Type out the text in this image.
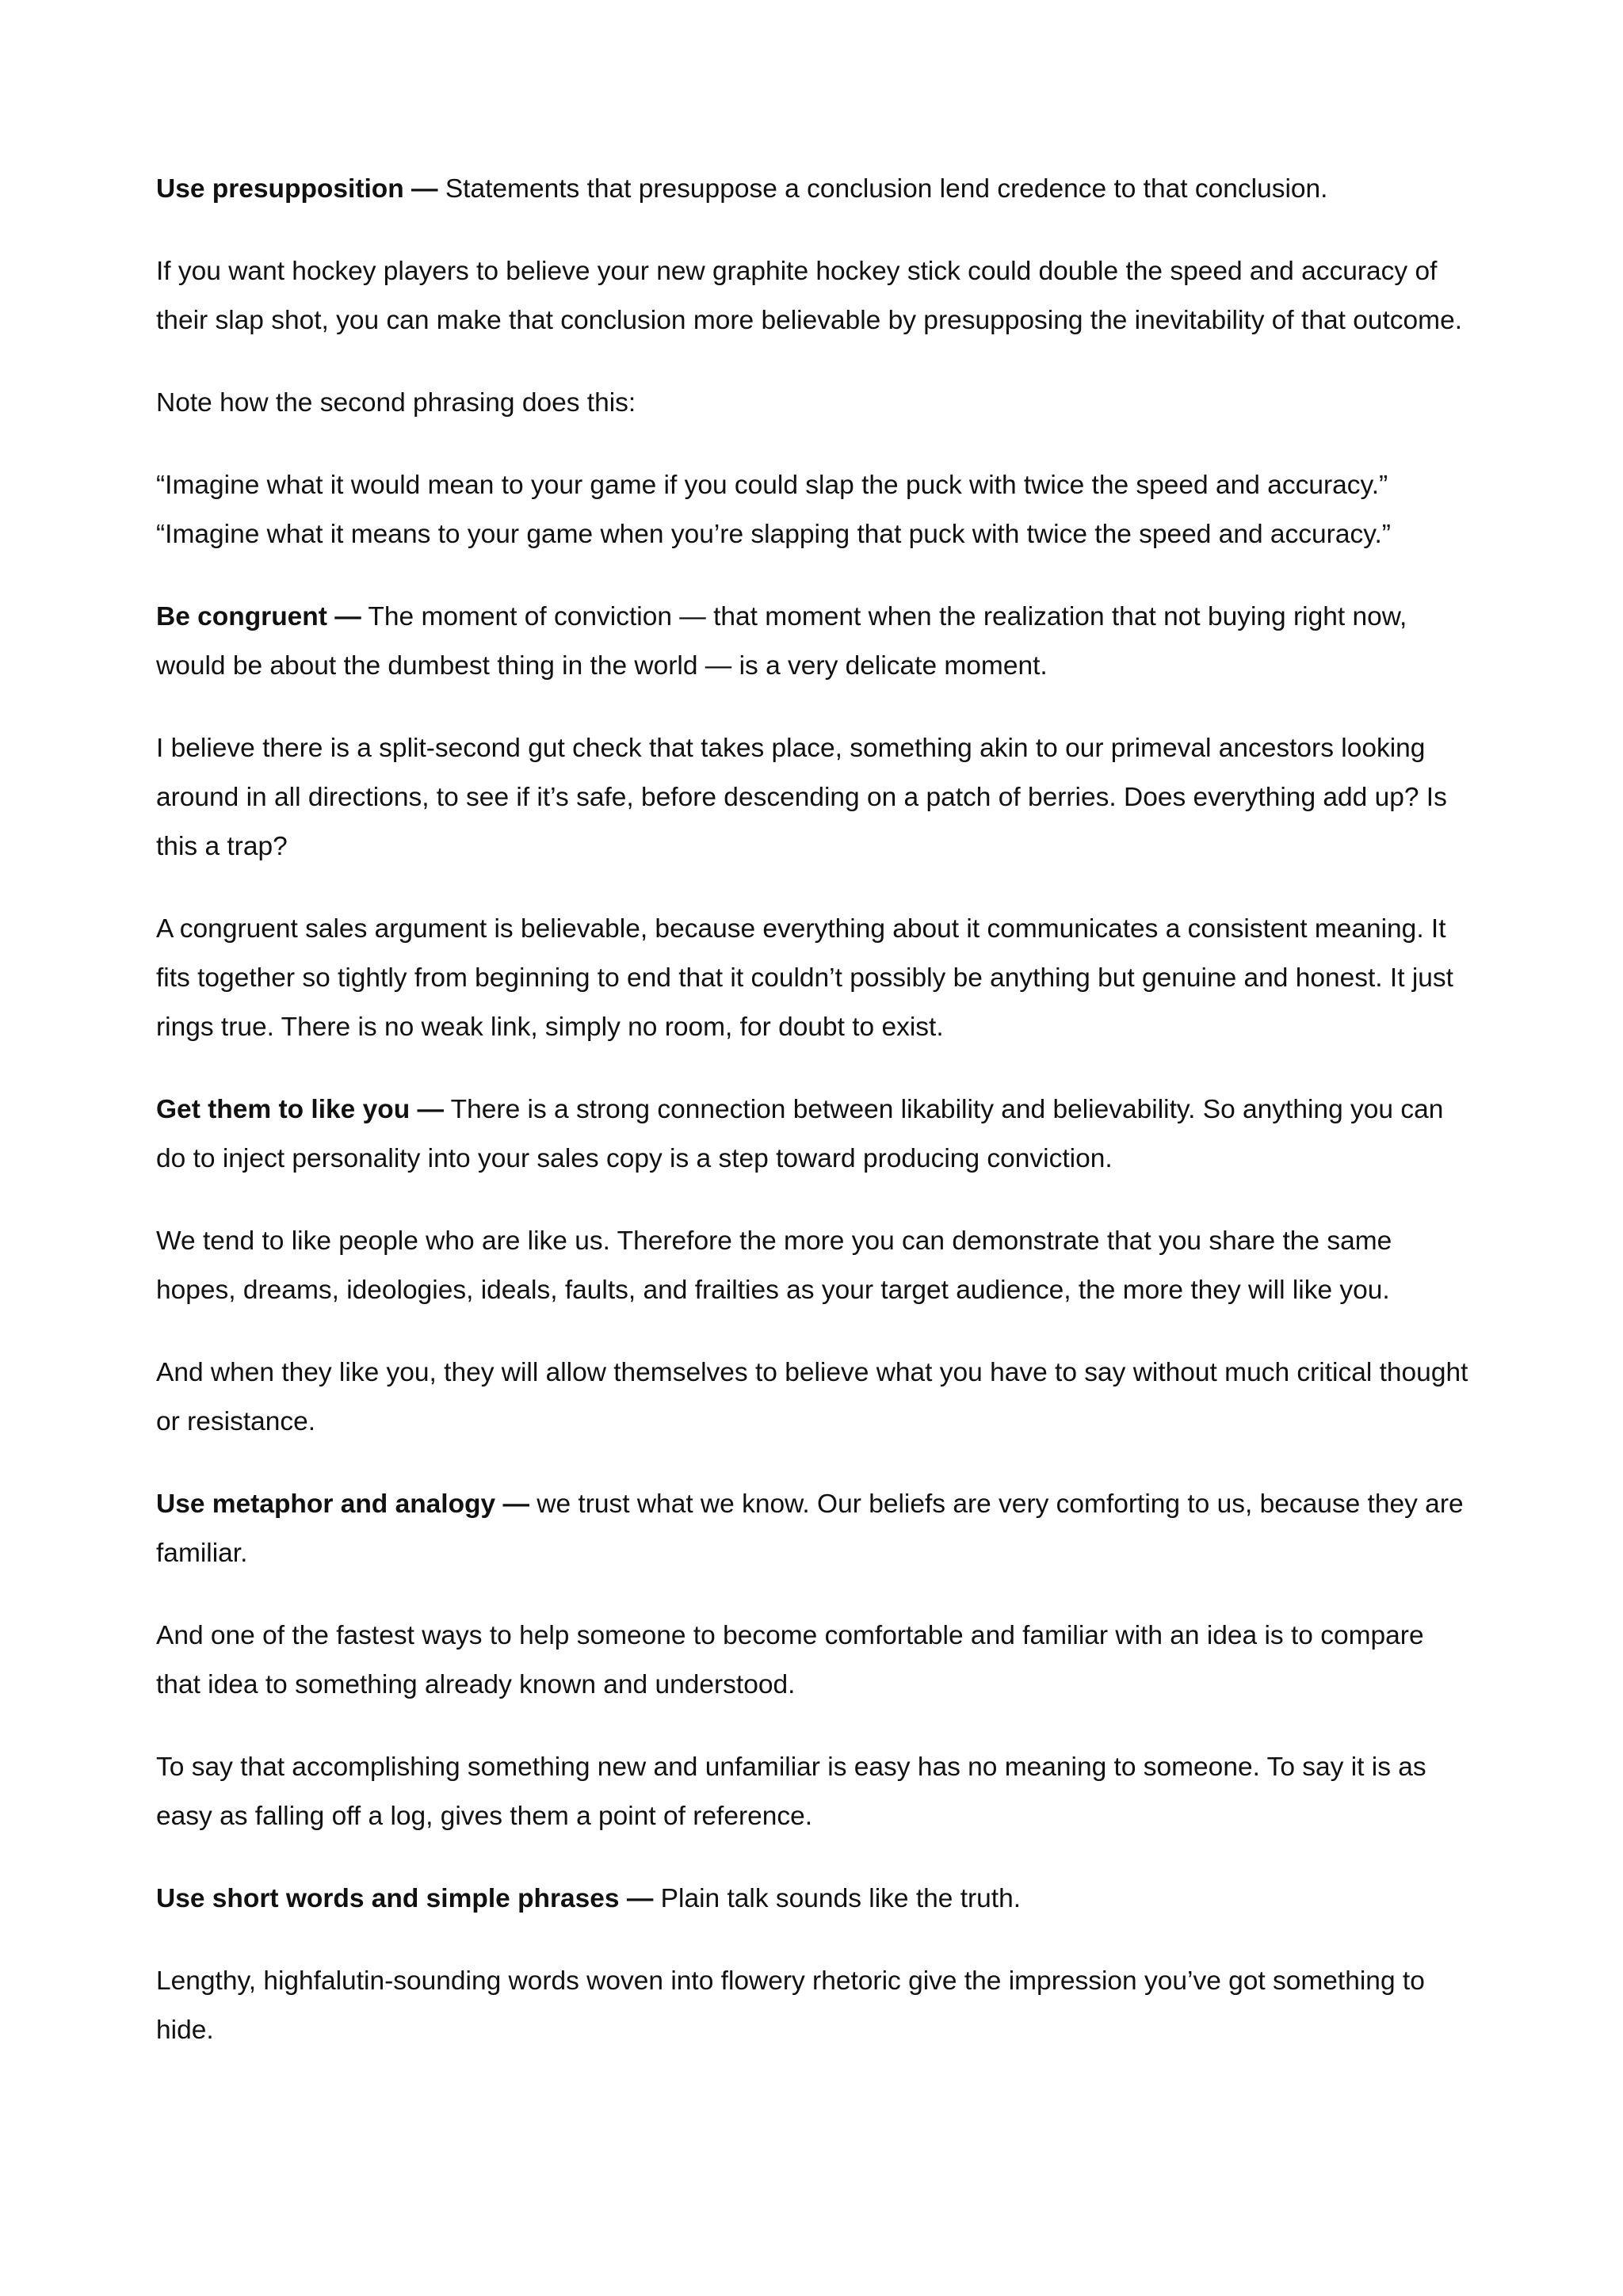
Use presupposition — Statements that presuppose a conclusion lend credence to that conclusion.

If you want hockey players to believe your new graphite hockey stick could double the speed and accuracy of their slap shot, you can make that conclusion more believable by presupposing the inevitability of that outcome.

Note how the second phrasing does this:

“Imagine what it would mean to your game if you could slap the puck with twice the speed and accuracy.” “Imagine what it means to your game when you’re slapping that puck with twice the speed and accuracy.”

Be congruent — The moment of conviction — that moment when the realization that not buying right now, would be about the dumbest thing in the world — is a very delicate moment.

I believe there is a split-second gut check that takes place, something akin to our primeval ancestors looking around in all directions, to see if it’s safe, before descending on a patch of berries. Does everything add up? Is this a trap?

A congruent sales argument is believable, because everything about it communicates a consistent meaning. It fits together so tightly from beginning to end that it couldn’t possibly be anything but genuine and honest. It just rings true. There is no weak link, simply no room, for doubt to exist.

Get them to like you — There is a strong connection between likability and believability. So anything you can do to inject personality into your sales copy is a step toward producing conviction.

We tend to like people who are like us. Therefore the more you can demonstrate that you share the same hopes, dreams, ideologies, ideals, faults, and frailties as your target audience, the more they will like you.

And when they like you, they will allow themselves to believe what you have to say without much critical thought or resistance.

Use metaphor and analogy — we trust what we know. Our beliefs are very comforting to us, because they are familiar.

And one of the fastest ways to help someone to become comfortable and familiar with an idea is to compare that idea to something already known and understood.

To say that accomplishing something new and unfamiliar is easy has no meaning to someone. To say it is as easy as falling off a log, gives them a point of reference.

Use short words and simple phrases — Plain talk sounds like the truth.

Lengthy, highfalutin-sounding words woven into flowery rhetoric give the impression you’ve got something to hide.
